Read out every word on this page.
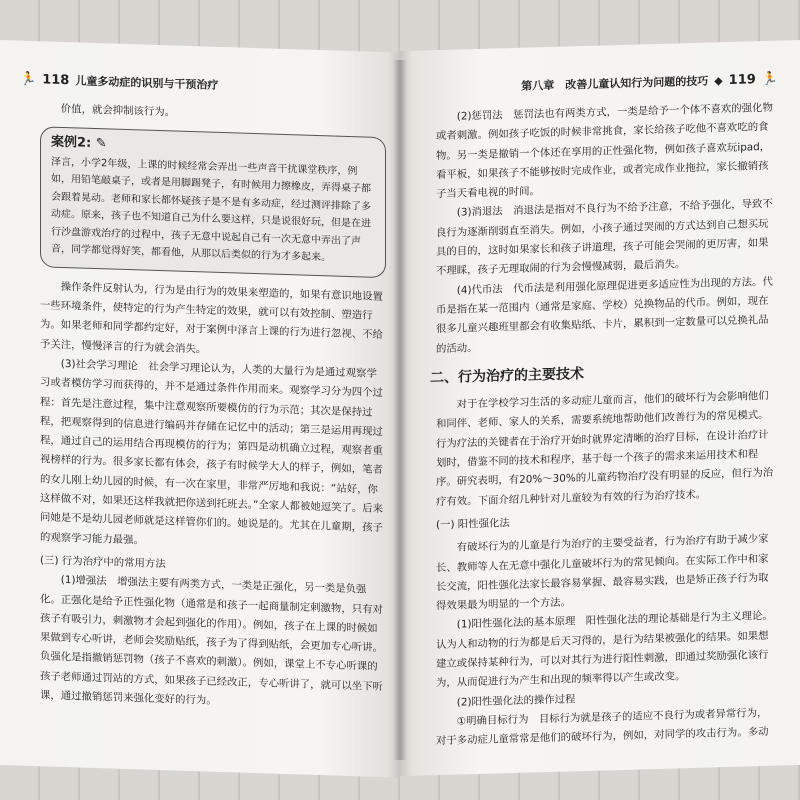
🏃 118 儿童多动症的识别与干预治疗

价值，就会抑制该行为。

案例2: ✎
泽言，小学2年级，上课的时候经常会弄出一些声音干扰课堂秩序，例如，用铅笔敲桌子，或者是用脚踢凳子，有时候用力擦橡皮，弄得桌子都会跟着晃动。老师和家长都怀疑孩子是不是有多动症，经过测评排除了多动症。原来，孩子也不知道自己为什么要这样，只是说很好玩，但是在进行沙盘游戏治疗的过程中，孩子无意中说起自己有一次无意中弄出了声音，同学都觉得好笑，都看他，从那以后类似的行为才多起来。

操作条件反射认为，行为是由行为的效果来塑造的，如果有意识地设置一些环境条件，使特定的行为产生特定的效果，就可以有效控制、塑造行为。如果老师和同学都约定好，对于案例中泽言上课的行为进行忽视、不给予关注，慢慢泽言的行为就会消失。

(3)社会学习理论　社会学习理论认为，人类的大量行为是通过观察学习或者模仿学习而获得的，并不是通过条件作用而来。观察学习分为四个过程：首先是注意过程，集中注意观察所要模仿的行为示范；其次是保持过程，把观察得到的信息进行编码并存储在记忆中的活动；第三是运用再现过程，通过自己的运用结合再现模仿的行为；第四是动机确立过程，观察者重视榜样的行为。很多家长都有体会，孩子有时候学大人的样子，例如，笔者的女儿刚上幼儿园的时候，有一次在家里，非常严厉地和我说：“站好，你这样做不对，如果还这样我就把你送到托班去。”全家人都被她逗笑了。后来问她是不是幼儿园老师就是这样管你们的。她说是的。尤其在儿童期，孩子的观察学习能力最强。

(三) 行为治疗中的常用方法

(1)增强法　增强法主要有两类方式，一类是正强化，另一类是负强化。正强化是给予正性强化物（通常是和孩子一起商量制定刺激物，只有对孩子有吸引力，刺激物才会起到强化的作用）。例如，孩子在上课的时候如果做到专心听讲，老师会奖励贴纸，孩子为了得到贴纸，会更加专心听讲。负强化是指撤销惩罚物（孩子不喜欢的刺激）。例如，课堂上不专心听课的孩子老师通过罚站的方式，如果孩子已经改正，专心听讲了，就可以坐下听课，通过撤销惩罚来强化变好的行为。

第八章　改善儿童认知行为问题的技巧 ◆ 119 🏃

(2)惩罚法　惩罚法也有两类方式，一类是给予一个体不喜欢的强化物或者刺激。例如孩子吃饭的时候非常挑食，家长给孩子吃他不喜欢吃的食物。另一类是撤销一个体还在享用的正性强化物，例如孩子喜欢玩ipad，看平板，如果孩子不能够按时完成作业，或者完成作业拖拉，家长撤销孩子当天看电视的时间。

(3)消退法　消退法是指对不良行为不给予注意，不给予强化，导致不良行为逐渐削弱直至消失。例如，小孩子通过哭闹的方式达到自己想买玩具的目的，这时如果家长和孩子讲道理，孩子可能会哭闹的更厉害，如果不理睬，孩子无理取闹的行为会慢慢减弱，最后消失。

(4)代币法　代币法是利用强化原理促进更多适应性为出现的方法。代币是指在某一范围内（通常是家庭、学校）兑换物品的代币。例如，现在很多儿童兴趣班里都会有收集贴纸、卡片，累积到一定数量可以兑换礼品的活动。

二、行为治疗的主要技术

对于在学校学习生活的多动症儿童而言，他们的破坏行为会影响他们和同伴、老师、家人的关系，需要系统地帮助他们改善行为的常见模式。行为疗法的关键者在于治疗开始时就界定清晰的治疗目标，在设计治疗计划时，借鉴不同的技术和程序，基于每一个孩子的需求来运用技术和程序。研究表明，有20%～30%的儿童药物治疗没有明显的反应，但行为治疗有效。下面介绍几种针对儿童较为有效的行为治疗技术。

(一) 阳性强化法

有破坏行为的儿童是行为治疗的主要受益者，行为治疗有助于减少家长、教师等人在无意中强化儿童破坏行为的常见倾向。在实际工作中和家长交流，阳性强化法家长最容易掌握、最容易实践，也是矫正孩子行为取得效果最为明显的一个方法。

(1)阳性强化法的基本原理　阳性强化法的理论基础是行为主义理论。认为人和动物的行为都是后天习得的，是行为结果被强化的结果。如果想建立或保持某种行为，可以对其行为进行阳性刺激，即通过奖励强化该行为，从而促进行为产生和出现的频率得以产生或改变。

(2)阳性强化法的操作过程

①明确目标行为　目标行为就是孩子的适应不良行为或者异常行为，对于多动症儿童常常是他们的破坏行为，例如，对同学的攻击行为。多动
